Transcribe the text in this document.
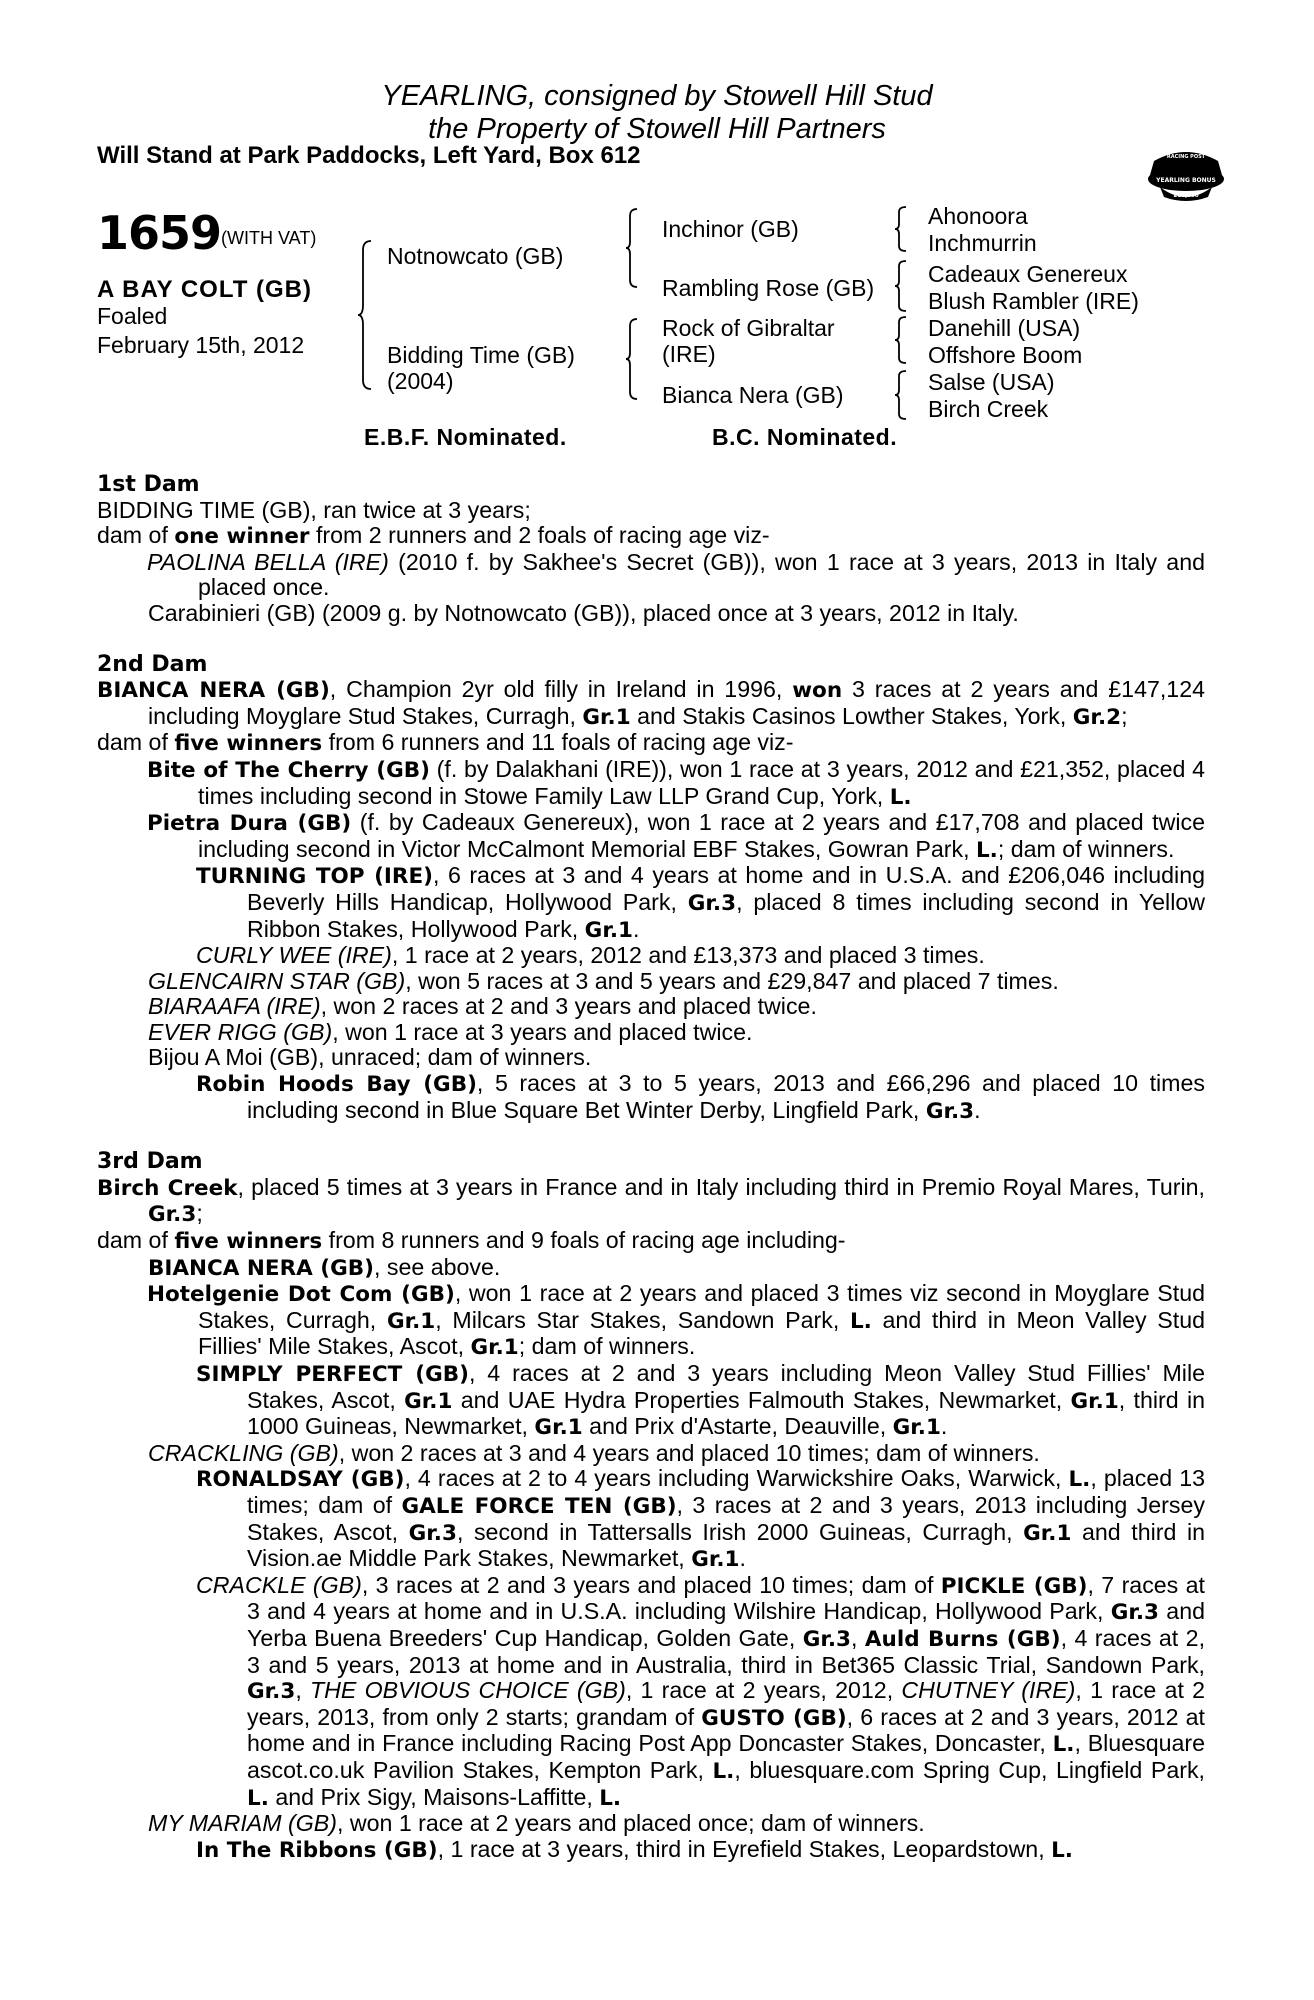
YEARLING, consigned by Stowell Hill Stud
the Property of Stowell Hill Partners
Will Stand at Park Paddocks, Left Yard, Box 612	RACING POST
YEARLING BONUS
£10,000
1659 (WITH VAT)
A BAY COLT (GB)
Foaled
February 15th, 2012
Notnowcato (GB)
Bidding Time (GB)
(2004)
Inchinor (GB)
Rambling Rose (GB)
Rock of Gibraltar
(IRE)
Bianca Nera (GB)
Ahonoora
Inchmurrin
Cadeaux Genereux
Blush Rambler (IRE)
Danehill (USA)
Offshore Boom
Salse (USA)
Birch Creek
E.B.F. Nominated.	B.C. Nominated.

1st Dam

BIDDING TIME (GB), ran twice at 3 years;

dam of one winner from 2 runners and 2 foals of racing age viz-

PAOLINA BELLA (IRE) (2010 f. by Sakhee's Secret (GB)), won 1 race at 3 years, 2013 in Italy and placed once.

Carabinieri (GB) (2009 g. by Notnowcato (GB)), placed once at 3 years, 2012 in Italy.

2nd Dam

BIANCA NERA (GB), Champion 2yr old filly in Ireland in 1996, won 3 races at 2 years and £147,124 including Moyglare Stud Stakes, Curragh, Gr.1 and Stakis Casinos Lowther Stakes, York, Gr.2;

dam of five winners from 6 runners and 11 foals of racing age viz-

Bite of The Cherry (GB) (f. by Dalakhani (IRE)), won 1 race at 3 years, 2012 and £21,352, placed 4 times including second in Stowe Family Law LLP Grand Cup, York, L.

Pietra Dura (GB) (f. by Cadeaux Genereux), won 1 race at 2 years and £17,708 and placed twice including second in Victor McCalmont Memorial EBF Stakes, Gowran Park, L.; dam of winners.

TURNING TOP (IRE), 6 races at 3 and 4 years at home and in U.S.A. and £206,046 including Beverly Hills Handicap, Hollywood Park, Gr.3, placed 8 times including second in Yellow Ribbon Stakes, Hollywood Park, Gr.1.

CURLY WEE (IRE), 1 race at 2 years, 2012 and £13,373 and placed 3 times.

GLENCAIRN STAR (GB), won 5 races at 3 and 5 years and £29,847 and placed 7 times.

BIARAAFA (IRE), won 2 races at 2 and 3 years and placed twice.

EVER RIGG (GB), won 1 race at 3 years and placed twice.

Bijou A Moi (GB), unraced; dam of winners.

Robin Hoods Bay (GB), 5 races at 3 to 5 years, 2013 and £66,296 and placed 10 times including second in Blue Square Bet Winter Derby, Lingfield Park, Gr.3.

3rd Dam

Birch Creek, placed 5 times at 3 years in France and in Italy including third in Premio Royal Mares, Turin, Gr.3;

dam of five winners from 8 runners and 9 foals of racing age including-

BIANCA NERA (GB), see above.

Hotelgenie Dot Com (GB), won 1 race at 2 years and placed 3 times viz second in Moyglare Stud Stakes, Curragh, Gr.1, Milcars Star Stakes, Sandown Park, L. and third in Meon Valley Stud Fillies' Mile Stakes, Ascot, Gr.1; dam of winners.

SIMPLY PERFECT (GB), 4 races at 2 and 3 years including Meon Valley Stud Fillies' Mile Stakes, Ascot, Gr.1 and UAE Hydra Properties Falmouth Stakes, Newmarket, Gr.1, third in 1000 Guineas, Newmarket, Gr.1 and Prix d'Astarte, Deauville, Gr.1.

CRACKLING (GB), won 2 races at 3 and 4 years and placed 10 times; dam of winners.

RONALDSAY (GB), 4 races at 2 to 4 years including Warwickshire Oaks, Warwick, L., placed 13 times; dam of GALE FORCE TEN (GB), 3 races at 2 and 3 years, 2013 including Jersey Stakes, Ascot, Gr.3, second in Tattersalls Irish 2000 Guineas, Curragh, Gr.1 and third in Vision.ae Middle Park Stakes, Newmarket, Gr.1.

CRACKLE (GB), 3 races at 2 and 3 years and placed 10 times; dam of PICKLE (GB), 7 races at 3 and 4 years at home and in U.S.A. including Wilshire Handicap, Hollywood Park, Gr.3 and Yerba Buena Breeders' Cup Handicap, Golden Gate, Gr.3, Auld Burns (GB), 4 races at 2, 3 and 5 years, 2013 at home and in Australia, third in Bet365 Classic Trial, Sandown Park, Gr.3, THE OBVIOUS CHOICE (GB), 1 race at 2 years, 2012, CHUTNEY (IRE), 1 race at 2 years, 2013, from only 2 starts; grandam of GUSTO (GB), 6 races at 2 and 3 years, 2012 at home and in France including Racing Post App Doncaster Stakes, Doncaster, L., Bluesquare ascot.co.uk Pavilion Stakes, Kempton Park, L., bluesquare.com Spring Cup, Lingfield Park, L. and Prix Sigy, Maisons-Laffitte, L.

MY MARIAM (GB), won 1 race at 2 years and placed once; dam of winners.

In The Ribbons (GB), 1 race at 3 years, third in Eyrefield Stakes, Leopardstown, L.
